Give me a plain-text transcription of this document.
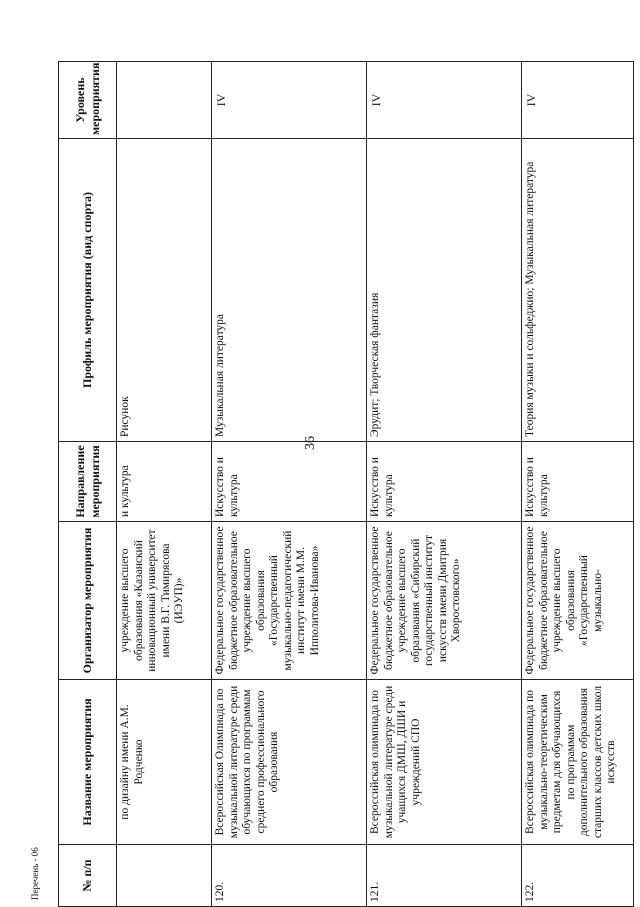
36
№ п/п	Название мероприятия	Организатор мероприятия	Направление мероприятия	Профиль мероприятия (вид спорта)	Уровень мероприятия
	по дизайну имени А.М. Родченко	учреждение высшего образования «Казанский инновационный университет имени В.Г. Тимирясова (ИЭУП)»	и культура	Рисунок	
120.	Всероссийская Олимпиада по музыкальной литературе среди обучающихся по программам среднего профессионального образования	Федеральное государственное бюджетное образовательное учреждение высшего образования «Государственный музыкально-педагогический институт имени М.М. Ипполитова-Иванова»	Искусство и культура	Музыкальная литература	IV
121.	Всероссийская олимпиада по музыкальной литературе среди учащихся ДМШ, ДШИ и учреждений СПО	Федеральное государственное бюджетное образовательное учреждение высшего образования «Сибирский государственный институт искусств имени Дмитрия Хворостовского»	Искусство и культура	Эрудит; Творческая фантазия	IV
122.	Всероссийская олимпиада по музыкально-теоретическим предметам для обучающихся по программам дополнительного образования старших классов детских школ искусств	Федеральное государственное бюджетное образовательное учреждение высшего образования «Государственный музыкально-	Искусство и культура	Теория музыки и сольфеджио; Музыкальная литература	IV
Перечень - 06
